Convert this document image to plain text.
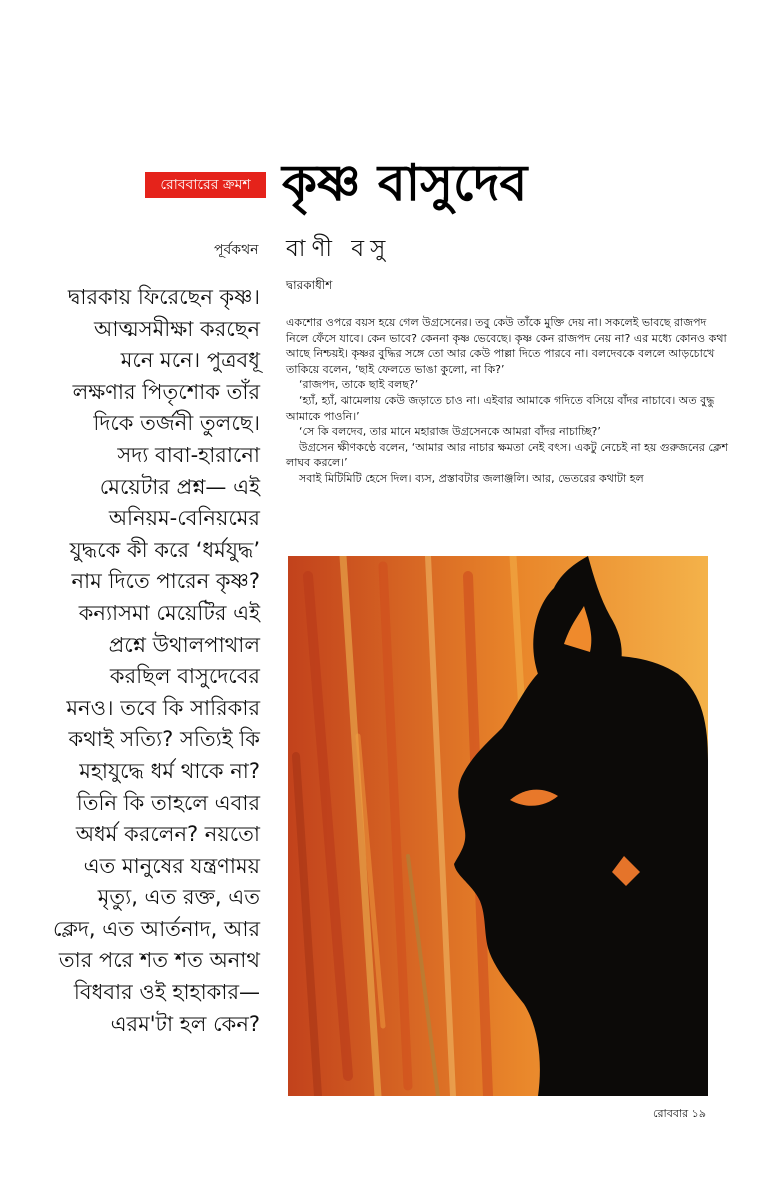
রোববারের ক্রমশ কৃষ্ণ বাসুদেব
পূর্বকথন বাণী বসু
দ্বারকাধীশ
দ্বারকায় ফিরেছেন কৃষ্ণ।
আত্মসমীক্ষা করছেন
মনে মনে। পুত্রবধূ
লক্ষণার পিতৃশোক তাঁর
দিকে তর্জনী তুলছে।
সদ্য বাবা-হারানো
মেয়েটার প্রশ্ন— এই
অনিয়ম-বেনিয়মের
যুদ্ধকে কী করে ‘ধর্মযুদ্ধ’
নাম দিতে পারেন কৃষ্ণ?
কন্যাসমা মেয়েটির এই
প্রশ্নে উথালপাথাল
করছিল বাসুদেবের
মনও। তবে কি সারিকার
কথাই সত্যি? সত্যিই কি
মহাযুদ্ধে ধর্ম থাকে না?
তিনি কি তাহলে এবার
অধর্ম করলেন? নয়তো
এত মানুষের যন্ত্রণাময়
মৃত্যু, এত রক্ত, এত
ক্লেদ, এত আর্তনাদ, আর
তার পরে শত শত অনাথ
বিধবার ওই হাহাকার—
এরম'টা হল কেন?

একশোর ওপরে বয়স হয়ে গেল উগ্রসেনের। তবু কেউ তাঁকে মুক্তি দেয় না। সকলেই ভাবছে রাজপদ নিলে ফেঁসে যাবে। কেন ভাবে? কেননা কৃষ্ণ ভেবেছে। কৃষ্ণ কেন রাজপদ নেয় না? এর মধ্যে কোনও কথা আছে নিশ্চয়ই। কৃষ্ণর বুদ্ধির সঙ্গে তো আর কেউ পাল্লা দিতে পারবে না। বলদেবকে বললে আড়চোখে তাকিয়ে বলেন, ‘ছাই ফেলতে ভাঙা কুলো, না কি?’

‘রাজপদ, তাকে ছাই বলছ?’

‘হ্যাঁ, হ্যাঁ, ঝামেলায় কেউ জড়াতে চাও না। এইবার আমাকে গদিতে বসিয়ে বাঁদর নাচাবে। অত বুদ্ধু আমাকে পাওনি।’

‘সে কি বলদেব, তার মানে মহারাজ উগ্রসেনকে আমরা বাঁদর নাচাচ্ছি?’

উগ্রসেন ক্ষীণকণ্ঠে বলেন, ‘আমার আর নাচার ক্ষমতা নেই বৎস। একটু নেচেই না হয় গুরুজনের ক্লেশ লাঘব করলে।’

সবাই মিটিমিটি হেসে দিল। ব্যস, প্রস্তাবটার জলাঞ্জলি। আর, ভেতরের কথাটা হল

রোববার ১৯
